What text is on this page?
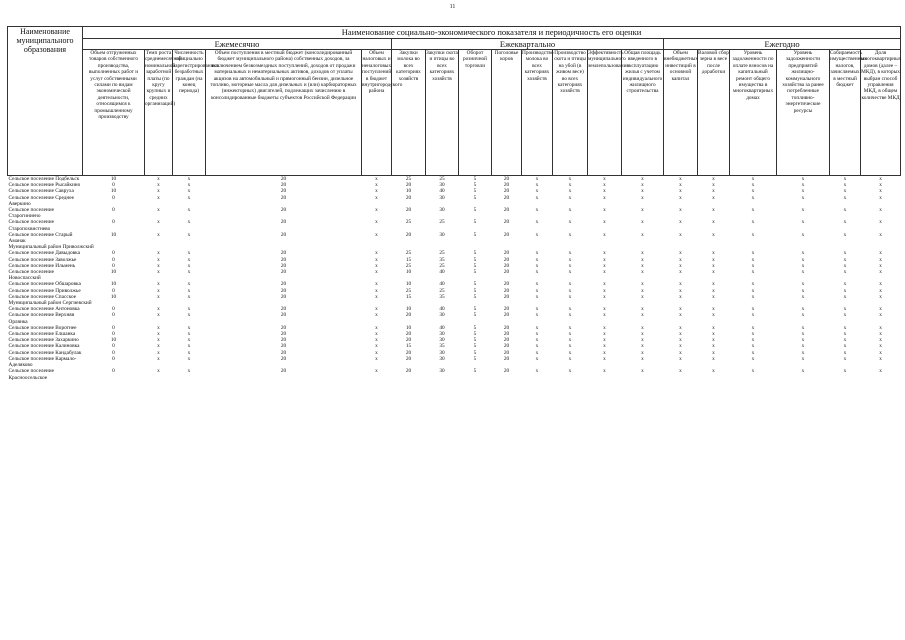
11
Наименование муниципального образования	Наименование социально-экономического показателя и периодичность его оценки																		
	Ежемесячно					Ежеквартально								Ежегодно					
	Объем отгруженных товаров собственного производства, выполненных работ и услуг собственными силами по видам экономической деятельности, относящимся к промышленному производству	Темп роста среднемесячной номинальной заработной платы (по кругу крупных и средних организаций)	Численность официально зарегистрированных безработных граждан (на конец периода)	Объем поступления в местный бюджет (консолидированный бюджет муниципального района) собственных доходов, за исключением безвозмездных поступлений, доходов от продажи материальных и нематериальных активов, доходов от уплаты акцизов на автомобильный и прямогонный бензин, дизельное топливо, моторные масла для дизельных и (или) карбюраторных (инжекторных) двигателей, подлежащих зачислению в консолидированные бюджеты субъектов Российской Федерации	Объем налоговых и неналоговых поступлений в бюджет внутригородского района	Закупки молока во всех категориях хозяйств	Закупки скота и птицы во всех категориях хозяйств	Оборот розничной торговли	Поголовье коров	Производство молока во всех категориях хозяйств	Производство скота и птицы на убой (в живом весе) во всех категориях хозяйств	Эффективность муниципального землепользования	Общая площадь введенного в эксплуатацию жилья с учетом индивидуального жилищного строительства	Объем внебюджетных инвестиций в основной капитал	Валовой сбор зерна в весе после доработки	Уровень задолженности по оплате взносов на капитальный ремонт общего имущества в многоквартирных домах	Уровень задолженности предприятий жилищно-коммунального хозяйства за ранее потребленные топливно-энергетические ресурсы	Собираемость имущественных налогов, зачисляемых в местный бюджет	Доля многоквартирных домов (далее – МКД), в которых выбран способ управления МКД, в общем количестве МКД
Сельское поселение Подбельск	10	x	x	20	x	25	25	5	20	x	x	x	x	x	x	x	x	x	x
Сельское поселение Рысайкино	0	x	x	20	x	20	30	5	20	x	x	x	x	x	x	x	x	x	x
Сельское поселение Савруха	10	x	x	20	x	10	40	5	20	x	x	x	x	x	x	x	x	x	x
Сельское поселение Среднее Аверкино	0	x	x	20	x	20	30	5	20	x	x	x	x	x	x	x	x	x	x
Сельское поселение Старогиниено	0	x	x	20	x	20	30	5	20	x	x	x	x	x	x	x	x	x	x
Сельское поселение Старопохвистнево	0	x	x	20	x	25	25	5	20	x	x	x	x	x	x	x	x	x	x
Сельское поселение Старый Аманак	10	x	x	20	x	20	30	5	20	x	x	x	x	x	x	x	x	x	x
Муниципальный район Приволжский																			
Сельское поселение Давыдовка	0	x	x	20	x	25	25	5	20	x	x	x	x	x	x	x	x	x	x
Сельское поселение Заволжье	0	x	x	20	x	15	35	5	20	x	x	x	x	x	x	x	x	x	x
Сельское поселение Ильмень	0	x	x	20	x	25	25	5	20	x	x	x	x	x	x	x	x	x	x
Сельское поселение Новоспасский	10	x	x	20	x	10	40	5	20	x	x	x	x	x	x	x	x	x	x
Сельское поселение Обшаровка	10	x	x	20	x	10	40	5	20	x	x	x	x	x	x	x	x	x	x
Сельское поселение Приволжье	0	x	x	20	x	25	25	5	20	x	x	x	x	x	x	x	x	x	x
Сельское поселение Спасское	10	x	x	20	x	15	35	5	20	x	x	x	x	x	x	x	x	x	x
Муниципальный район Сергиевский																			
Сельское поселение Антоновка	0	x	x	20	x	10	40	5	20	x	x	x	x	x	x	x	x	x	x
Сельское поселение Верхняя Орлянка	0	x	x	20	x	20	30	5	20	x	x	x	x	x	x	x	x	x	x
Сельское поселение Воротнее	0	x	x	20	x	10	40	5	20	x	x	x	x	x	x	x	x	x	x
Сельское поселение Елшанка	0	x	x	20	x	20	30	5	20	x	x	x	x	x	x	x	x	x	x
Сельское поселение Захаркино	10	x	x	20	x	20	30	5	20	x	x	x	x	x	x	x	x	x	x
Сельское поселение Калиновка	0	x	x	20	x	15	35	5	20	x	x	x	x	x	x	x	x	x	x
Сельское поселение Кандабулак	0	x	x	20	x	20	30	5	20	x	x	x	x	x	x	x	x	x	x
Сельское поселение Кармало-Аделяково	0	x	x	20	x	20	30	5	20	x	x	x	x	x	x	x	x	x	x
Сельское поселение Красноосельское	0	x	x	20	x	20	30	5	20	x	x	x	x	x	x	x	x	x	x
